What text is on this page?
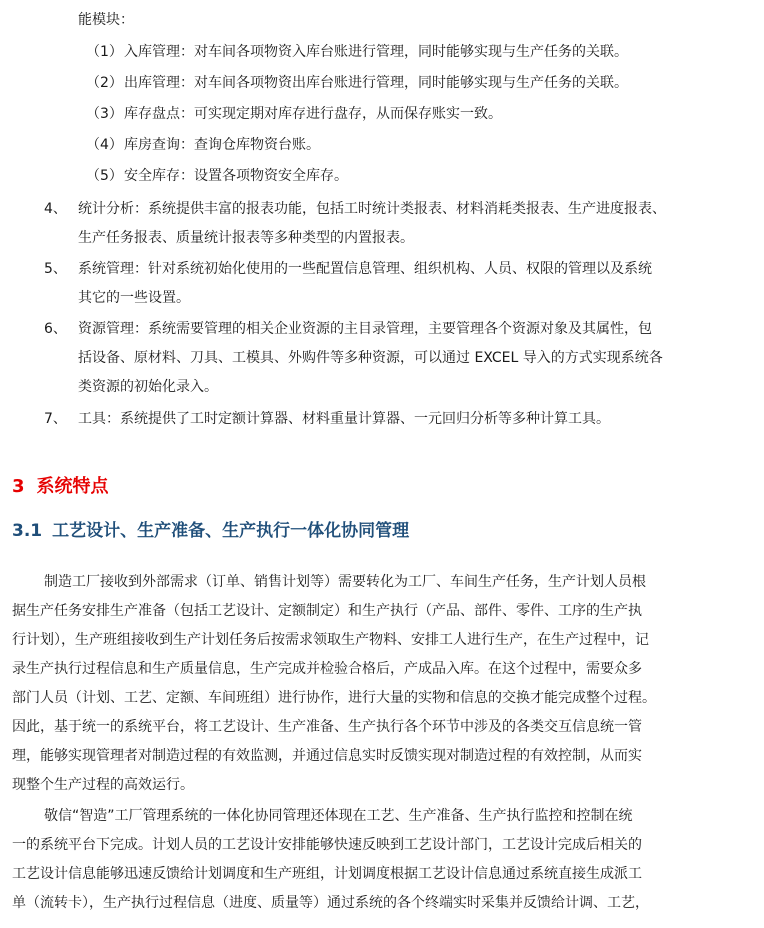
能模块：
（1） 入库管理：对车间各项物资入库台账进行管理，同时能够实现与生产任务的关联。
（2） 出库管理：对车间各项物资出库台账进行管理，同时能够实现与生产任务的关联。
（3） 库存盘点：可实现定期对库存进行盘存，从而保存账实一致。
（4） 库房查询：查询仓库物资台账。
（5） 安全库存：设置各项物资安全库存。
4、 统计分析：系统提供丰富的报表功能，包括工时统计类报表、材料消耗类报表、生产进度报表、
生产任务报表、质量统计报表等多种类型的内置报表。
5、 系统管理：针对系统初始化使用的一些配置信息管理、组织机构、人员、权限的管理以及系统
其它的一些设置。
6、 资源管理：系统需要管理的相关企业资源的主目录管理，主要管理各个资源对象及其属性，包
括设备、原材料、刀具、工模具、外购件等多种资源，可以通过 EXCEL 导入的方式实现系统各
类资源的初始化录入。
7、 工具：系统提供了工时定额计算器、材料重量计算器、一元回归分析等多种计算工具。
3 系统特点
3.1 工艺设计、生产准备、生产执行一体化协同管理
制造工厂接收到外部需求（订单、销售计划等）需要转化为工厂、车间生产任务，生产计划人员根
据生产任务安排生产准备（包括工艺设计、定额制定）和生产执行（产品、部件、零件、工序的生产执
行计划），生产班组接收到生产计划任务后按需求领取生产物料、安排工人进行生产，在生产过程中，记
录生产执行过程信息和生产质量信息，生产完成并检验合格后，产成品入库。在这个过程中，需要众多
部门人员（计划、工艺、定额、车间班组）进行协作，进行大量的实物和信息的交换才能完成整个过程。
因此，基于统一的系统平台，将工艺设计、生产准备、生产执行各个环节中涉及的各类交互信息统一管
理，能够实现管理者对制造过程的有效监测，并通过信息实时反馈实现对制造过程的有效控制，从而实
现整个生产过程的高效运行。
敬信“智造”工厂管理系统的一体化协同管理还体现在工艺、生产准备、生产执行监控和控制在统
一的系统平台下完成。计划人员的工艺设计安排能够快速反映到工艺设计部门，工艺设计完成后相关的
工艺设计信息能够迅速反馈给计划调度和生产班组，计划调度根据工艺设计信息通过系统直接生成派工
单（流转卡），生产执行过程信息（进度、质量等）通过系统的各个终端实时采集并反馈给计调、工艺，
